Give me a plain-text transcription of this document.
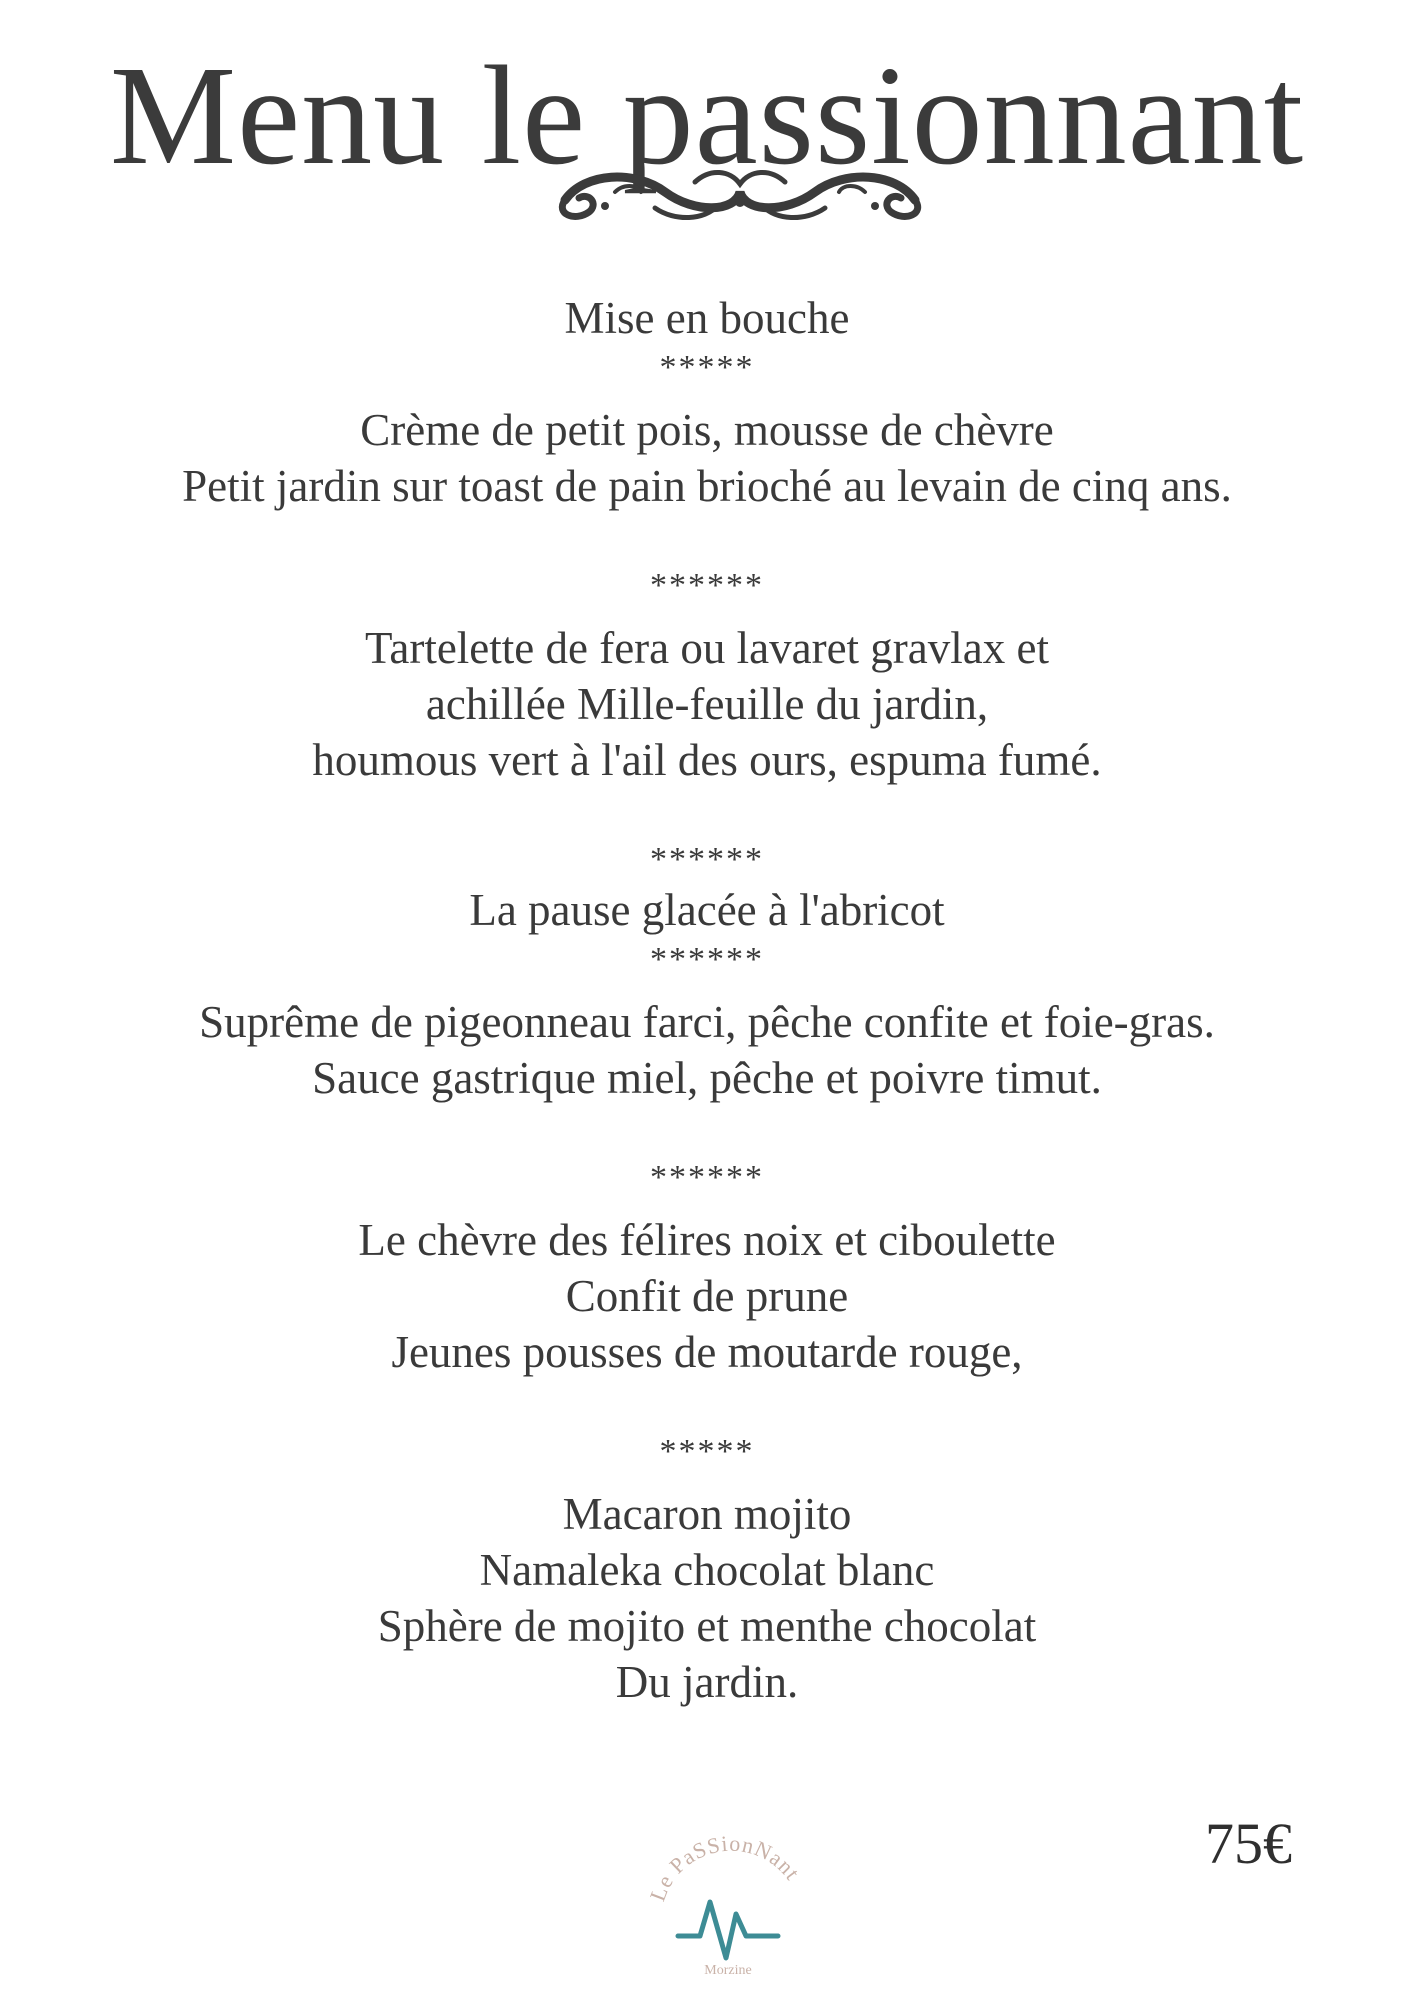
Menu le passionnant
Mise en bouche
*****
Crème de petit pois, mousse de chèvre
Petit jardin sur toast de pain brioché au levain de cinq ans.
******
Tartelette de fera ou lavaret gravlax et
achillée Mille-feuille du jardin,
houmous vert à l'ail des ours, espuma fumé.
******
La pause glacée à l'abricot
******
Suprême de pigeonneau farci, pêche confite et foie-gras.
Sauce gastrique miel, pêche et poivre timut.
******
Le chèvre des félires noix et ciboulette
Confit de prune
Jeunes pousses de moutarde rouge,
*****
Macaron mojito
Namaleka chocolat blanc
Sphère de mojito et menthe chocolat
Du jardin.
75€
Le PaSSionNant
Morzine
